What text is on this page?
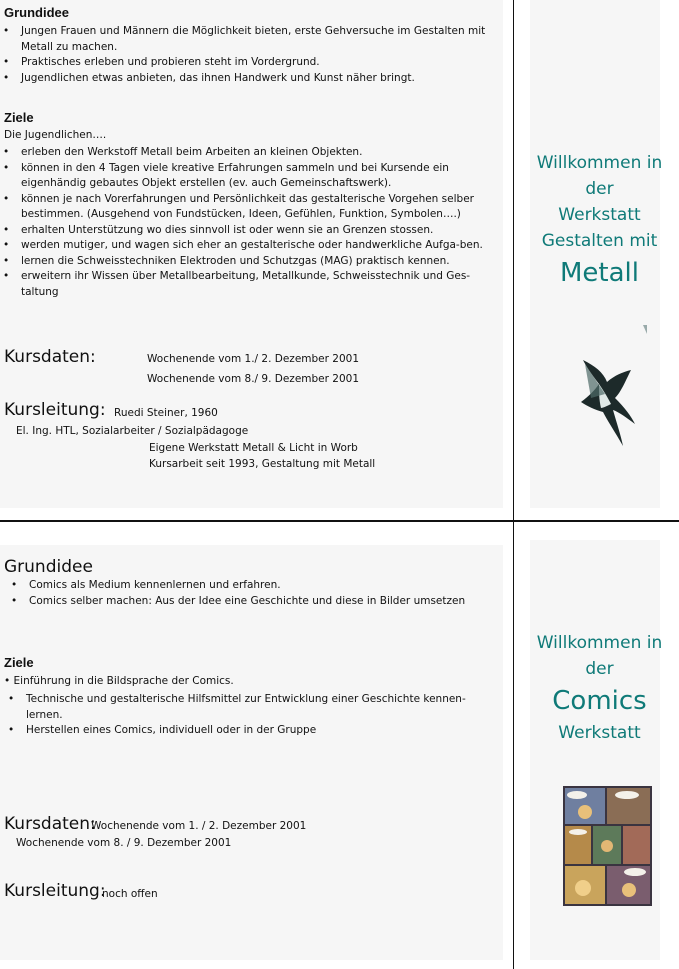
Grundidee
• Jungen Frauen und Männern die Möglichkeit bieten, erste Gehversuche im Gestalten mit Metall zu machen.
• Praktisches erleben und probieren steht im Vordergrund.
• Jugendlichen etwas anbieten, das ihnen Handwerk und Kunst näher bringt.
Ziele
Die Jugendlichen….
• erleben den Werkstoff Metall beim Arbeiten an kleinen Objekten.
• können in den 4 Tagen viele kreative Erfahrungen sammeln und bei Kursende ein eigenhändig gebautes Objekt erstellen (ev. auch Gemeinschaftswerk).
• können je nach Vorerfahrungen und Persönlichkeit das gestalterische Vorgehen selber bestimmen. (Ausgehend von Fundstücken, Ideen, Gefühlen, Funktion, Symbolen….)
• erhalten Unterstützung wo dies sinnvoll ist oder wenn sie an Grenzen stossen.
• werden mutiger, und wagen sich eher an gestalterische oder handwerkliche Aufga-ben.
• lernen die Schweisstechniken Elektroden und Schutzgas (MAG) praktisch kennen.
• erweitern ihr Wissen über Metallbearbeitung, Metallkunde, Schweisstechnik und Ges-taltung
Kursdaten:	Wochenende vom 1./ 2. Dezember 2001
Wochenende vom 8./ 9. Dezember 2001
Kursleitung: Ruedi Steiner, 1960
El. Ing. HTL, Sozialarbeiter / Sozialpädagoge
Eigene Werkstatt Metall & Licht in Worb
Kursarbeit seit 1993, Gestaltung mit Metall
Willkommen in
der
Werkstatt
Gestalten mit
Metall
Grundidee
• Comics als Medium kennenlernen und erfahren.
• Comics selber machen: Aus der Idee eine Geschichte und diese in Bilder umsetzen
Ziele
• Einführung in die Bildsprache der Comics.
• Technische und gestalterische Hilfsmittel zur Entwicklung einer Geschichte kennen-lernen.
• Herstellen eines Comics, individuell oder in der Gruppe
Kursdaten:
Wochenende vom 1. / 2. Dezember 2001
Wochenende vom 8. / 9. Dezember 2001
Kursleitung:
noch offen
Willkommen in
der
Comics
Werkstatt
